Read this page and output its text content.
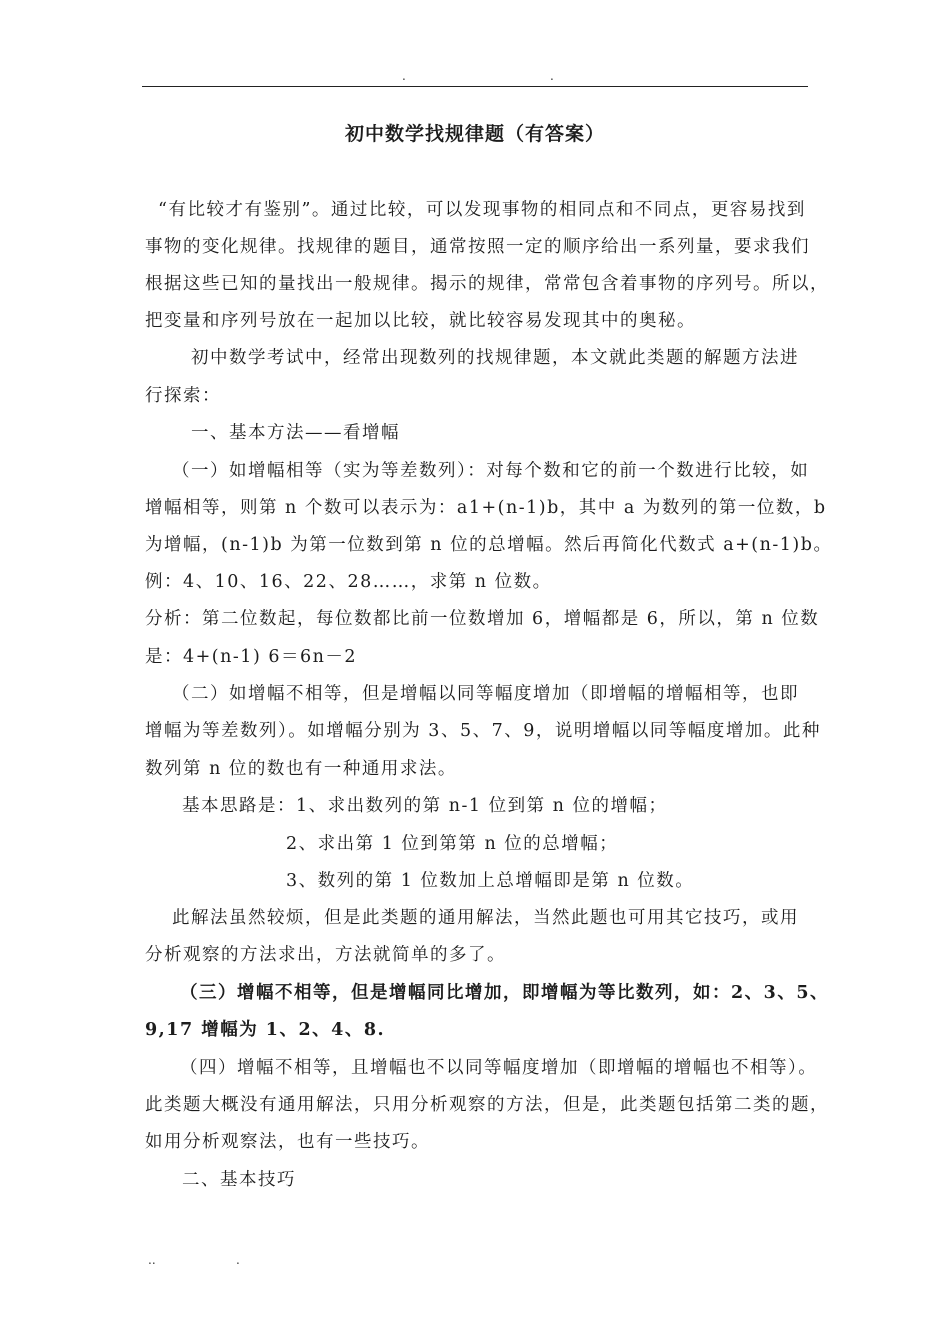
.	.
初中数学找规律题（有答案）
“有比较才有鉴别”。通过比较，可以发现事物的相同点和不同点，更容易找到
事物的变化规律。找规律的题目，通常按照一定的顺序给出一系列量，要求我们
根据这些已知的量找出一般规律。揭示的规律，常常包含着事物的序列号。所以，
把变量和序列号放在一起加以比较，就比较容易发现其中的奥秘。
初中数学考试中，经常出现数列的找规律题，本文就此类题的解题方法进
行探索：
一、基本方法——看增幅
（一）如增幅相等（实为等差数列）：对每个数和它的前一个数进行比较，如
增幅相等，则第 n 个数可以表示为：a1+(n-1)b，其中 a 为数列的第一位数，b
为增幅，(n-1)b 为第一位数到第 n 位的总增幅。然后再简化代数式 a+(n-1)b。
例：4、10、16、22、28……，求第 n 位数。
分析：第二位数起，每位数都比前一位数增加 6，增幅都是 6，所以，第 n 位数
是：4+(n-1) 6＝6n－2
（二）如增幅不相等，但是增幅以同等幅度增加（即增幅的增幅相等，也即
增幅为等差数列）。如增幅分别为 3、5、7、9，说明增幅以同等幅度增加。此种
数列第 n 位的数也有一种通用求法。
基本思路是：1、求出数列的第 n-1 位到第 n 位的增幅；
2、求出第 1 位到第第 n 位的总增幅；
3、数列的第 1 位数加上总增幅即是第 n 位数。
此解法虽然较烦，但是此类题的通用解法，当然此题也可用其它技巧，或用
分析观察的方法求出，方法就简单的多了。
（三）增幅不相等，但是增幅同比增加，即增幅为等比数列，如：2、3、5、
9,17 增幅为 1、2、4、8.
（四）增幅不相等，且增幅也不以同等幅度增加（即增幅的增幅也不相等）。
此类题大概没有通用解法，只用分析观察的方法，但是，此类题包括第二类的题，
如用分析观察法，也有一些技巧。
二、基本技巧
..	.
